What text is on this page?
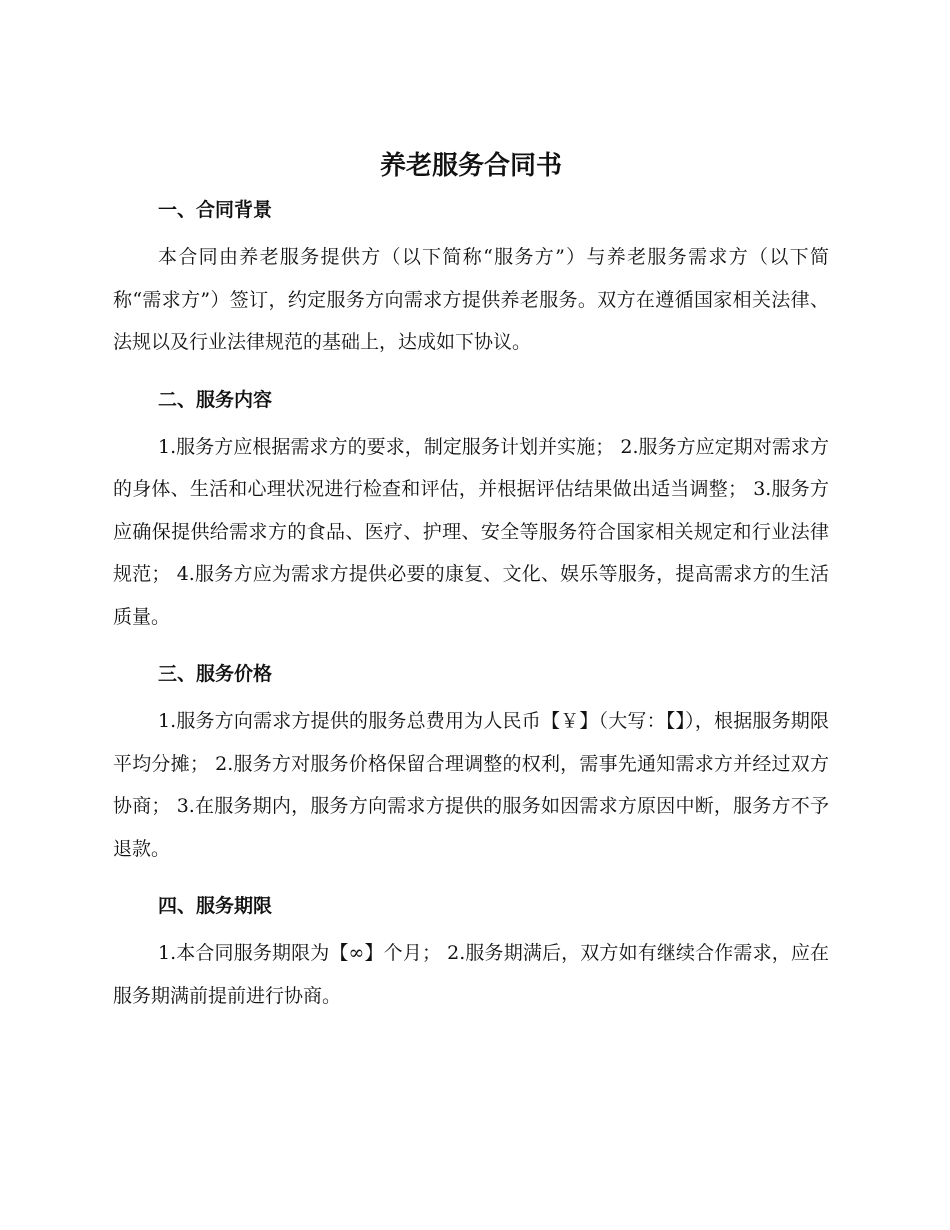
养老服务合同书
一、合同背景

本合同由养老服务提供方（以下简称“服务方”）与养老服务需求方（以下简称“需求方”）签订，约定服务方向需求方提供养老服务。双方在遵循国家相关法律、法规以及行业法律规范的基础上，达成如下协议。

二、服务内容

1.服务方应根据需求方的要求，制定服务计划并实施； 2.服务方应定期对需求方的身体、生活和心理状况进行检查和评估，并根据评估结果做出适当调整； 3.服务方应确保提供给需求方的食品、医疗、护理、安全等服务符合国家相关规定和行业法律规范； 4.服务方应为需求方提供必要的康复、文化、娱乐等服务，提高需求方的生活质量。

三、服务价格

1.服务方向需求方提供的服务总费用为人民币【￥】（大写：【】），根据服务期限平均分摊； 2.服务方对服务价格保留合理调整的权利，需事先通知需求方并经过双方协商； 3.在服务期内，服务方向需求方提供的服务如因需求方原因中断，服务方不予退款。

四、服务期限

1.本合同服务期限为【∞】个月； 2.服务期满后，双方如有继续合作需求，应在服务期满前提前进行协商。
